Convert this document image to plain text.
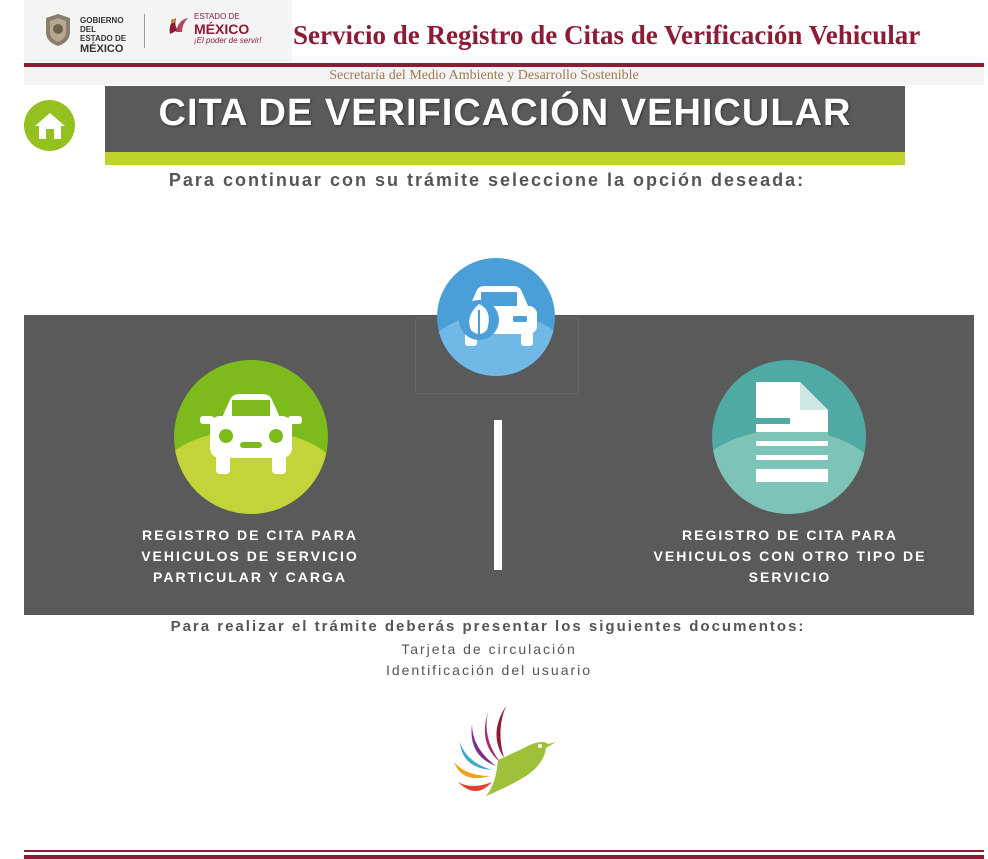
GOBIERNO DEL
ESTADO DE
MÉXICO
ESTADO DE
MÉXICO
¡El poder de servir! Servicio de Registro de Citas de Verificación Vehicular
Secretaría del Medio Ambiente y Desarrollo Sostenible
CITA DE VERIFICACIÓN VEHICULAR
Para continuar con su trámite seleccione la opción deseada:
REGISTRO DE CITA PARA VEHICULOS DE SERVICIO PARTICULAR Y CARGA
REGISTRO DE CITA PARA VEHICULOS CON OTRO TIPO DE SERVICIO
Para realizar el trámite deberás presentar los siguientes documentos:
Tarjeta de circulación
Identificación del usuario
